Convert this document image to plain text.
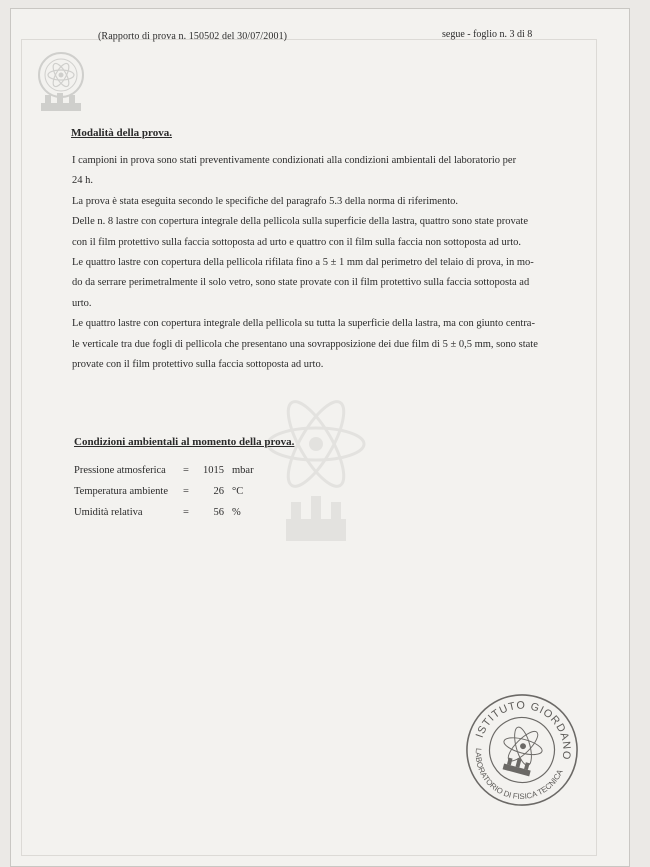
(Rapporto di prova n. 150502 del 30/07/2001)	segue - foglio n. 3 di 8
Modalità della prova.
I campioni in prova sono stati preventivamente condizionati alla condizioni ambientali del laboratorio per
24 h.
La prova è stata eseguita secondo le specifiche del paragrafo 5.3 della norma di riferimento.
Delle n. 8 lastre con copertura integrale della pellicola sulla superficie della lastra, quattro sono state provate
con il film protettivo sulla faccia sottoposta ad urto e quattro con il film sulla faccia non sottoposta ad urto.
Le quattro lastre con copertura della pellicola rifilata fino a 5 ± 1 mm dal perimetro del telaio di prova, in mo-
do da serrare perimetralmente il solo vetro, sono state provate con il film protettivo sulla faccia sottoposta ad
urto.
Le quattro lastre con copertura integrale della pellicola su tutta la superficie della lastra, ma con giunto centra-
le verticale tra due fogli di pellicola che presentano una sovrapposizione dei due film di 5 ± 0,5 mm, sono state
provate con il film protettivo sulla faccia sottoposta ad urto.
Condizioni ambientali al momento della prova.
Pressione atmosferica	=	1015	mbar
Temperatura ambiente	=	26	°C
Umidità relativa	=	56	%
ISTITUTO GIORDANO
LABORATORIO DI FISICA TECNICA
